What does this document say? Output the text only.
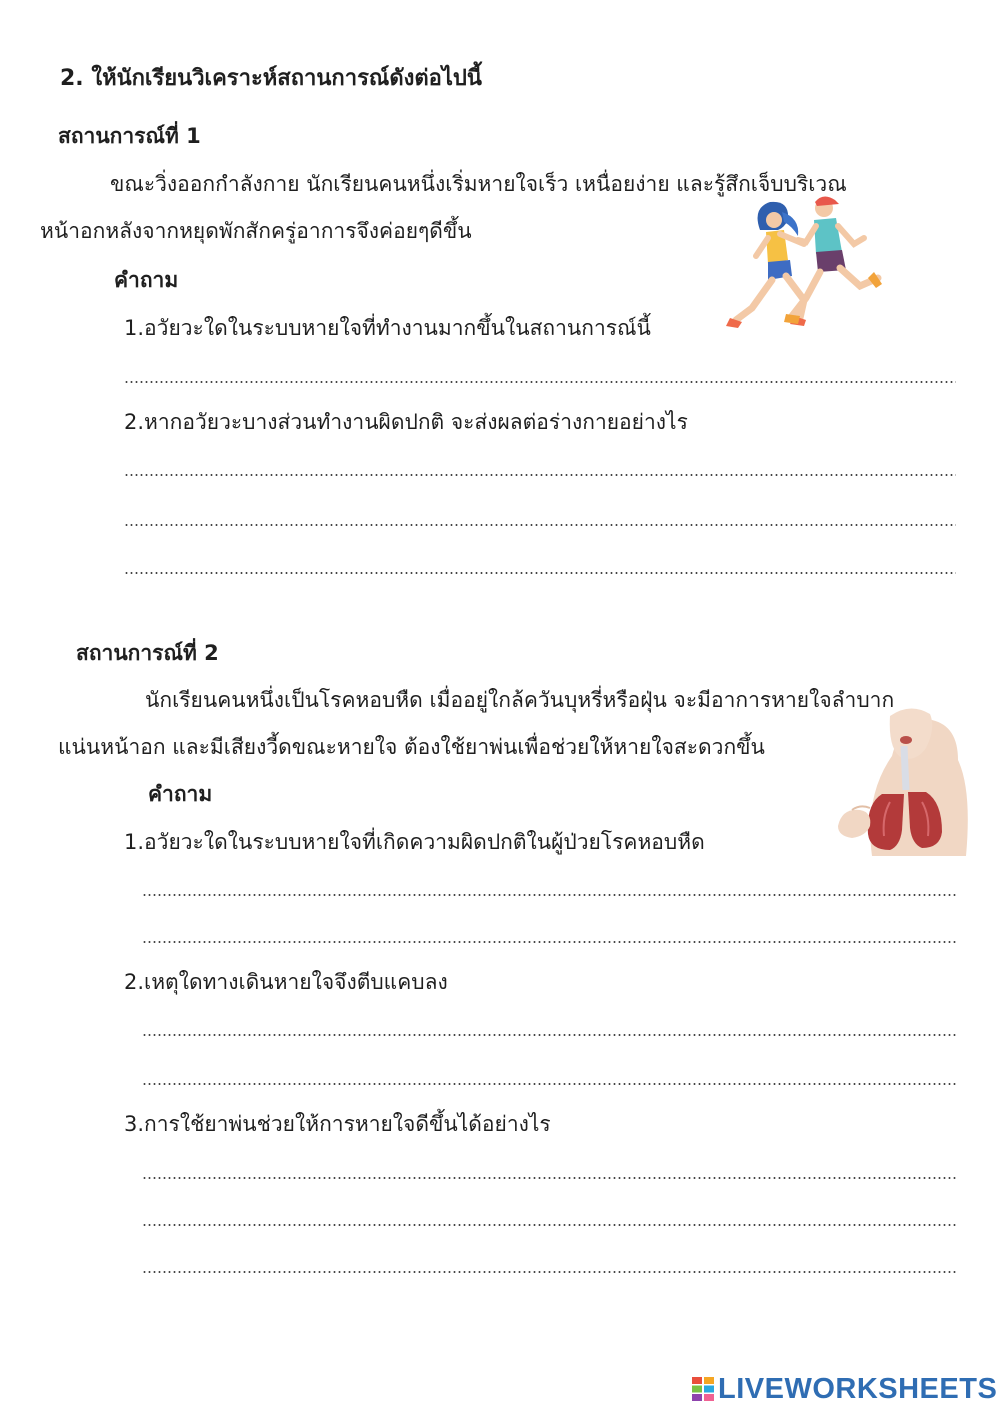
2. ให้นักเรียนวิเคราะห์สถานการณ์ดังต่อไปนี้
สถานการณ์ที่ 1
ขณะวิ่งออกกำลังกาย นักเรียนคนหนึ่งเริ่มหายใจเร็ว เหนื่อยง่าย และรู้สึกเจ็บบริเวณ
หน้าอกหลังจากหยุดพักสักครู่อาการจึงค่อยๆดีขึ้น
คำถาม
1.อวัยวะใดในระบบหายใจที่ทำงานมากขึ้นในสถานการณ์นี้
2.หากอวัยวะบางส่วนทำงานผิดปกติ จะส่งผลต่อร่างกายอย่างไร
สถานการณ์ที่ 2
นักเรียนคนหนึ่งเป็นโรคหอบหืด เมื่ออยู่ใกล้ควันบุหรี่หรือฝุ่น จะมีอาการหายใจลำบาก
แน่นหน้าอก และมีเสียงวี้ดขณะหายใจ ต้องใช้ยาพ่นเพื่อช่วยให้หายใจสะดวกขึ้น
คำถาม
1.อวัยวะใดในระบบหายใจที่เกิดความผิดปกติในผู้ป่วยโรคหอบหืด
2.เหตุใดทางเดินหายใจจึงตีบแคบลง
3.การใช้ยาพ่นช่วยให้การหายใจดีขึ้นได้อย่างไร
LIVEWORKSHEETS
